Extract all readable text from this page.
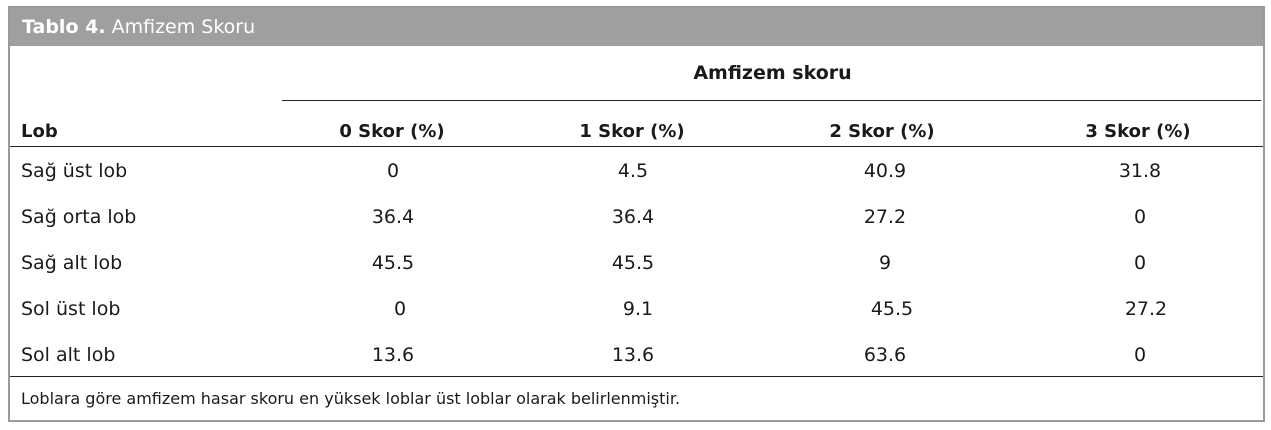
Tablo 4. Amfizem Skoru
Amfizem skoru
Lob	0 Skor (%)	1 Skor (%)	2 Skor (%)	3 Skor (%)
Sağ üst lob	0	4.5	40.9	31.8
Sağ orta lob	36.4	36.4	27.2	0
Sağ alt lob	45.5	45.5	9	0
Sol üst lob	0	9.1	45.5	27.2
Sol alt lob	13.6	13.6	63.6	0
Loblara göre amfizem hasar skoru en yüksek loblar üst loblar olarak belirlenmiştir.
